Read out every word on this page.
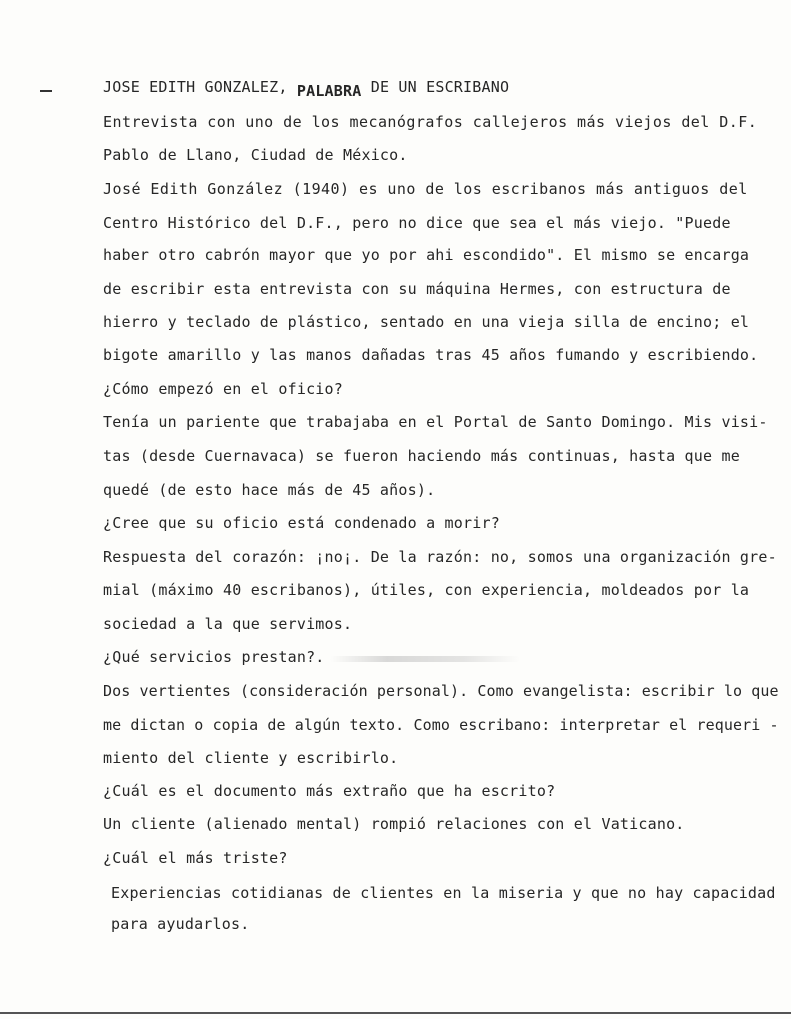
JOSE EDITH GONZALEZ, PALABRA DE UN ESCRIBANO
Entrevista con uno de los mecanógrafos callejeros más viejos del D.F.
Pablo de Llano, Ciudad de México.
José Edith González (1940) es uno de los escribanos más antiguos del
Centro Histórico del D.F., pero no dice que sea el más viejo. "Puede
haber otro cabrón mayor que yo por ahi escondido". El mismo se encarga
de escribir esta entrevista con su máquina Hermes, con estructura de
hierro y teclado de plástico, sentado en una vieja silla de encino; el
bigote amarillo y las manos dañadas tras 45 años fumando y escribiendo.
¿Cómo empezó en el oficio?
Tenía un pariente que trabajaba en el Portal de Santo Domingo. Mis visi-
tas (desde Cuernavaca) se fueron haciendo más continuas, hasta que me
quedé (de esto hace más de 45 años).
¿Cree que su oficio está condenado a morir?
Respuesta del corazón: ¡no¡. De la razón: no, somos una organización gre-
mial (máximo 40 escribanos), útiles, con experiencia, moldeados por la
sociedad a la que servimos.
¿Qué servicios prestan?.
Dos vertientes (consideración personal). Como evangelista: escribir lo que
me dictan o copia de algún texto. Como escribano: interpretar el requeri -
miento del cliente y escribirlo.
¿Cuál es el documento más extraño que ha escrito?
Un cliente (alienado mental) rompió relaciones con el Vaticano.
¿Cuál el más triste?
Experiencias cotidianas de clientes en la miseria y que no hay capacidad
para ayudarlos.
